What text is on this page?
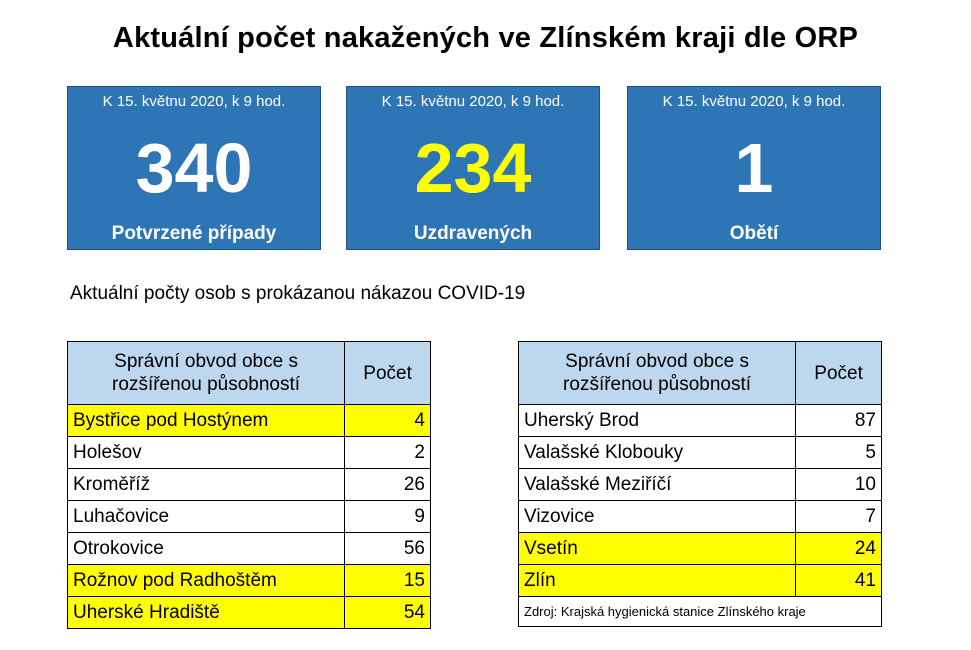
Aktuální počet nakažených ve Zlínském kraji dle ORP
K 15. květnu 2020, k 9 hod.
340
Potvrzené případy
K 15. květnu 2020, k 9 hod.
234
Uzdravených
K 15. květnu 2020, k 9 hod.
1
Obětí
Aktuální počty osob s prokázanou nákazou COVID-19
Správní obvod obce s rozšířenou působností	Počet
Bystřice pod Hostýnem	4
Holešov	2
Kroměříž	26
Luhačovice	9
Otrokovice	56
Rožnov pod Radhoštěm	15
Uherské Hradiště	54
Správní obvod obce s rozšířenou působností	Počet
Uherský Brod	87
Valašské Klobouky	5
Valašské Meziříčí	10
Vizovice	7
Vsetín	24
Zlín	41
Zdroj: Krajská hygienická stanice Zlínského kraje	
